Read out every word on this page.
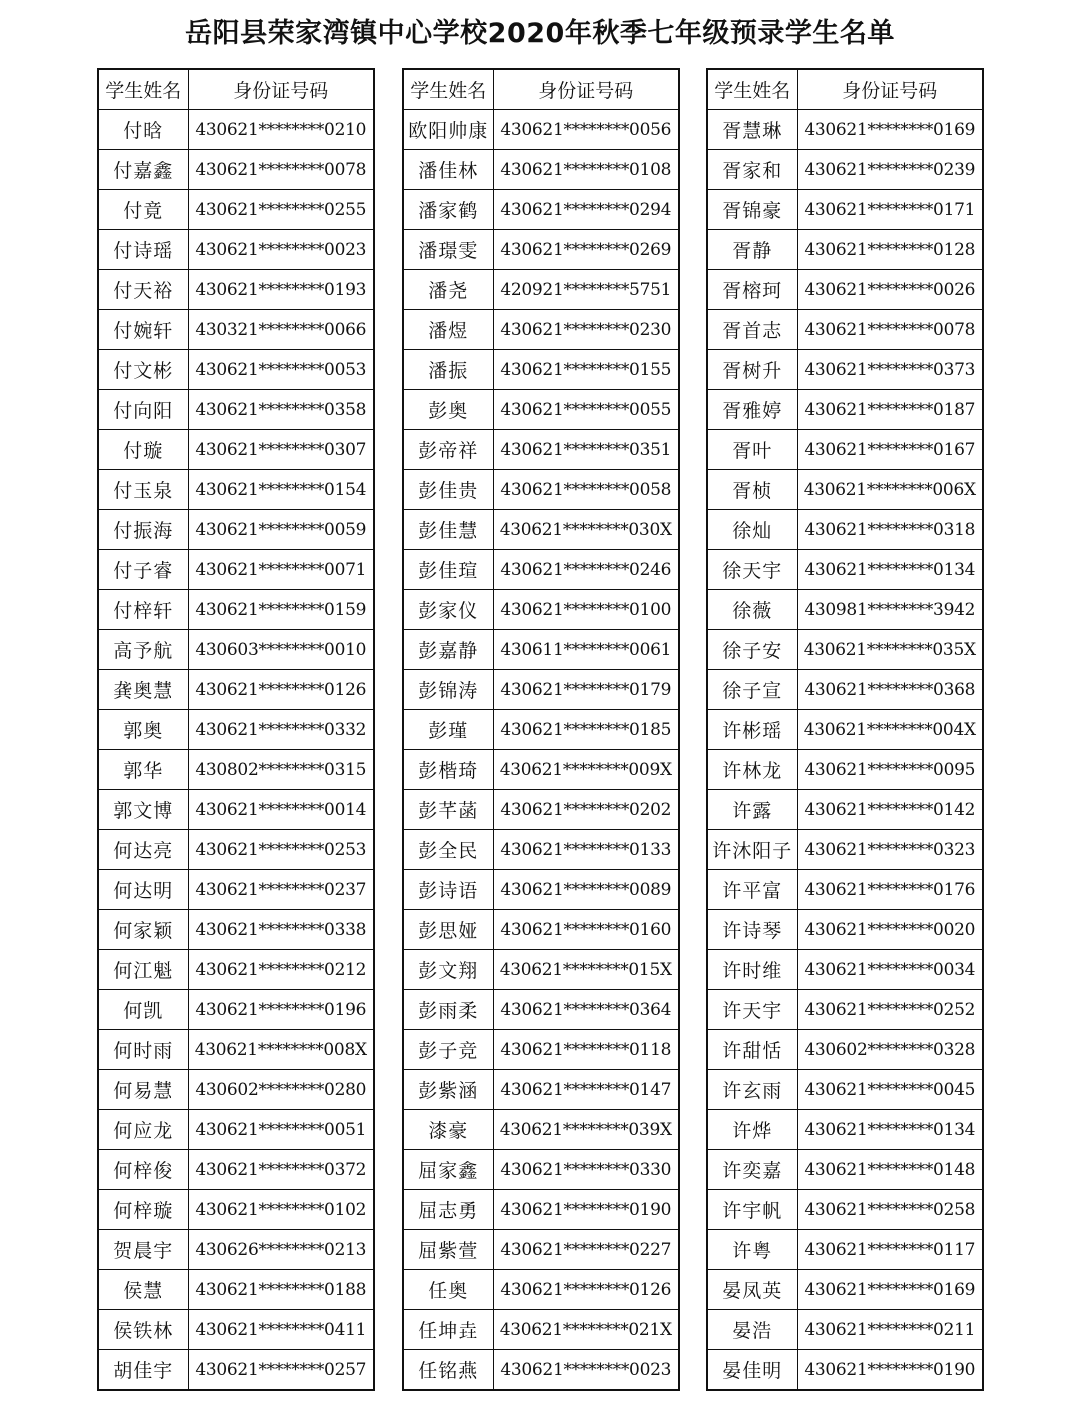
岳阳县荣家湾镇中心学校2020年秋季七年级预录学生名单
学生姓名	身份证号码
付晗	430621********0210
付嘉鑫	430621********0078
付竟	430621********0255
付诗瑶	430621********0023
付天裕	430621********0193
付婉轩	430321********0066
付文彬	430621********0053
付向阳	430621********0358
付璇	430621********0307
付玉泉	430621********0154
付振海	430621********0059
付子睿	430621********0071
付梓轩	430621********0159
高予航	430603********0010
龚奥慧	430621********0126
郭奥	430621********0332
郭华	430802********0315
郭文博	430621********0014
何达亮	430621********0253
何达明	430621********0237
何家颖	430621********0338
何江魁	430621********0212
何凯	430621********0196
何时雨	430621********008X
何易慧	430602********0280
何应龙	430621********0051
何梓俊	430621********0372
何梓璇	430621********0102
贺晨宇	430626********0213
侯慧	430621********0188
侯铁林	430621********0411
胡佳宇	430621********0257
学生姓名	身份证号码
欧阳帅康	430621********0056
潘佳林	430621********0108
潘家鹤	430621********0294
潘璟雯	430621********0269
潘尧	420921********5751
潘煜	430621********0230
潘振	430621********0155
彭奥	430621********0055
彭帝祥	430621********0351
彭佳贵	430621********0058
彭佳慧	430621********030X
彭佳瑄	430621********0246
彭家仪	430621********0100
彭嘉静	430611********0061
彭锦涛	430621********0179
彭瑾	430621********0185
彭楷琦	430621********009X
彭芊菡	430621********0202
彭全民	430621********0133
彭诗语	430621********0089
彭思娅	430621********0160
彭文翔	430621********015X
彭雨柔	430621********0364
彭子竞	430621********0118
彭紫涵	430621********0147
漆豪	430621********039X
屈家鑫	430621********0330
屈志勇	430621********0190
屈紫萱	430621********0227
任奥	430621********0126
任坤垚	430621********021X
任铭燕	430621********0023
学生姓名	身份证号码
胥慧琳	430621********0169
胥家和	430621********0239
胥锦豪	430621********0171
胥静	430621********0128
胥榕珂	430621********0026
胥首志	430621********0078
胥树升	430621********0373
胥雅婷	430621********0187
胥叶	430621********0167
胥桢	430621********006X
徐灿	430621********0318
徐天宇	430621********0134
徐薇	430981********3942
徐子安	430621********035X
徐子宣	430621********0368
许彬瑶	430621********004X
许林龙	430621********0095
许露	430621********0142
许沐阳子	430621********0323
许平富	430621********0176
许诗琴	430621********0020
许时维	430621********0034
许天宇	430621********0252
许甜恬	430602********0328
许玄雨	430621********0045
许烨	430621********0134
许奕嘉	430621********0148
许宇帆	430621********0258
许粤	430621********0117
晏凤英	430621********0169
晏浩	430621********0211
晏佳明	430621********0190
